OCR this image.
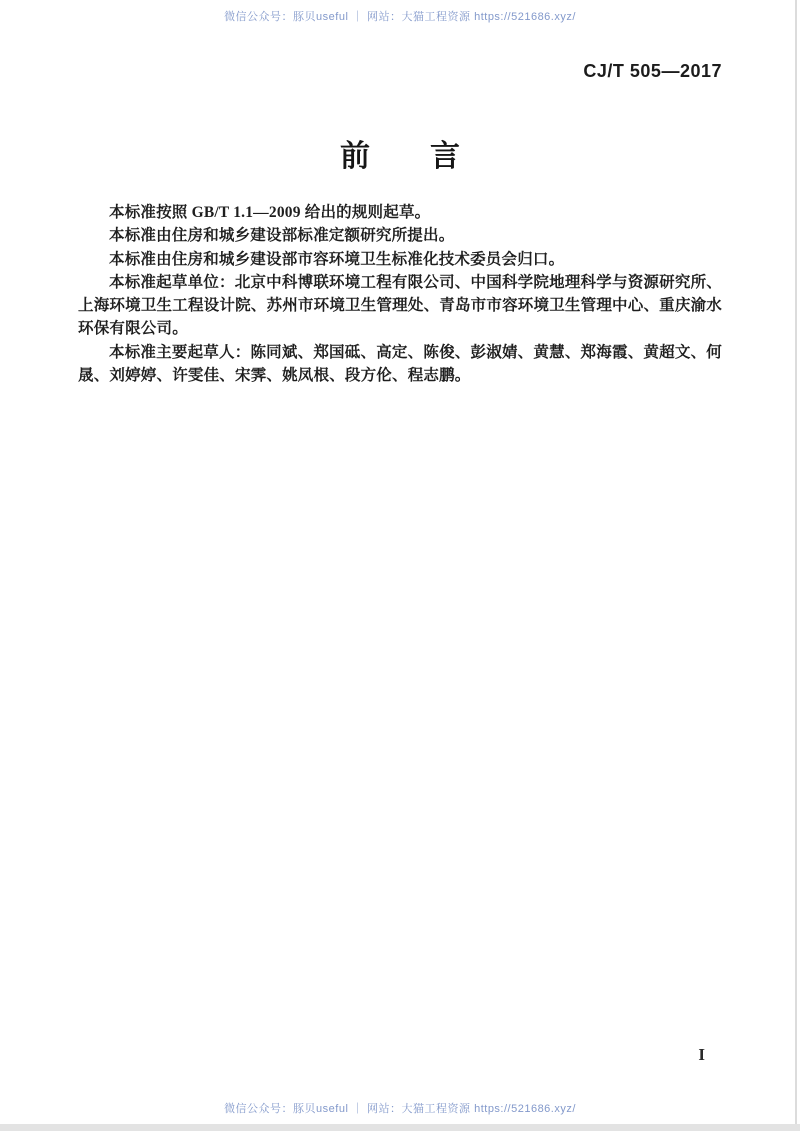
微信公众号：豚贝useful ｜ 网站：大猫工程资源 https://521686.xyz/
CJ/T 505—2017
前　　言

本标准按照 GB/T 1.1—2009 给出的规则起草。

本标准由住房和城乡建设部标准定额研究所提出。

本标准由住房和城乡建设部市容环境卫生标准化技术委员会归口。

本标准起草单位：北京中科博联环境工程有限公司、中国科学院地理科学与资源研究所、上海环境卫生工程设计院、苏州市环境卫生管理处、青岛市市容环境卫生管理中心、重庆渝水环保有限公司。

本标准主要起草人：陈同斌、郑国砥、高定、陈俊、彭淑婧、黄慧、郑海霞、黄超文、何晟、刘婷婷、许雯佳、宋霁、姚凤根、段方伦、程志鹏。

I
微信公众号：豚贝useful ｜ 网站：大猫工程资源 https://521686.xyz/
